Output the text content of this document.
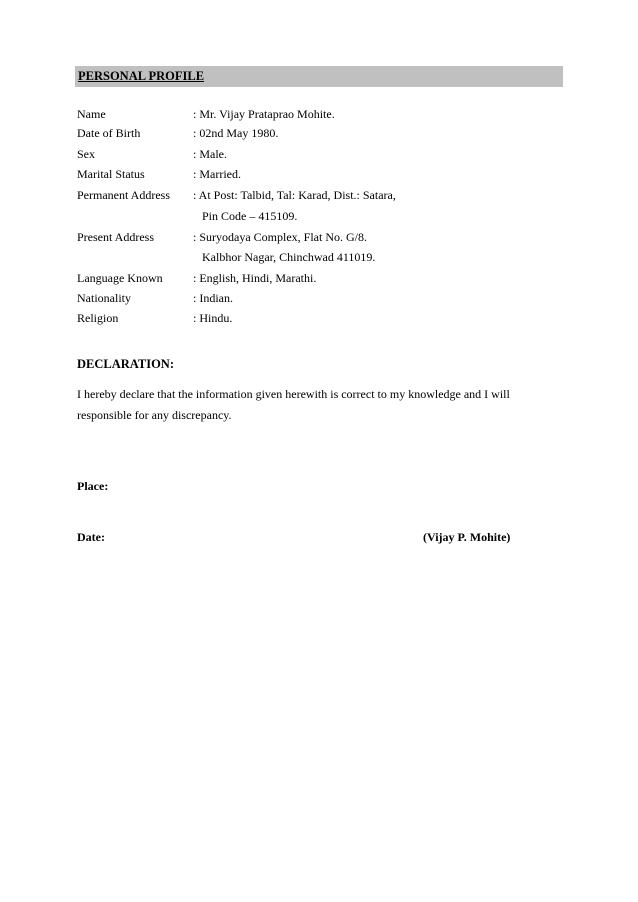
PERSONAL PROFILE
Name	: Mr. Vijay Prataprao Mohite.
Date of Birth	: 02nd May 1980.
Sex	: Male.
Marital Status	: Married.
Permanent Address : At Post: Talbid, Tal: Karad, Dist.: Satara,
Pin Code – 415109.
Present Address	: Suryodaya Complex, Flat No. G/8.
Kalbhor Nagar, Chinchwad 411019.
Language Known	: English, Hindi, Marathi.
Nationality	: Indian.
Religion	: Hindu.
DECLARATION:
I hereby declare that the information given herewith is correct to my knowledge and I will responsible for any discrepancy.
Place:
Date:	(Vijay P. Mohite)
